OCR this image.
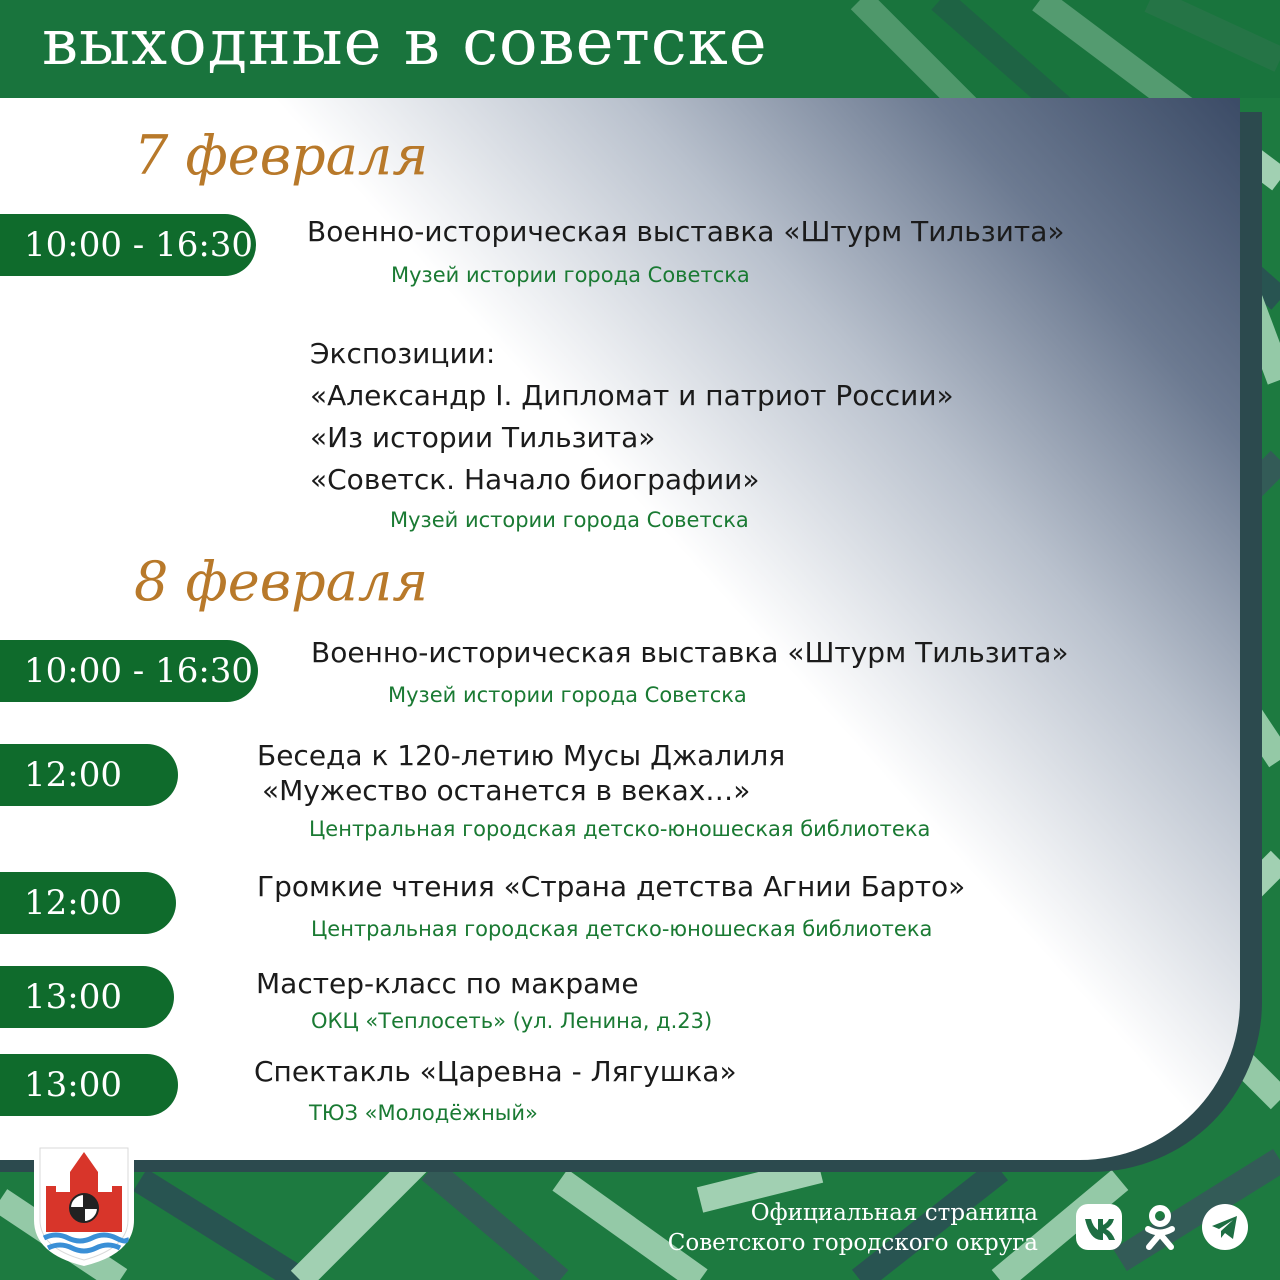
выходные в советске
7 февраля
10:00 - 16:30 Военно-историческая выставка «Штурм Тильзита»
Музей истории города Советска
Экспозиции:
«Александр I. Дипломат и патриот России»
«Из истории Тильзита»
«Советск. Начало биографии»
Музей истории города Советска
8 февраля
10:00 - 16:30 Военно-историческая выставка «Штурм Тильзита»
Музей истории города Советска
12:00	Беседа к 120-летию Мусы Джалиля
«Мужество останется в веках…»
Центральная городская детско-юношеская библиотека
12:00	Громкие чтения «Страна детства Агнии Барто»
Центральная городская детско-юношеская библиотека
13:00	Мастер-класс по макраме
ОКЦ «Теплосеть» (ул. Ленина, д.23)
13:00	Спектакль «Царевна - Лягушка»
ТЮЗ «Молодёжный»
Официальная страница
Советского городского округа
